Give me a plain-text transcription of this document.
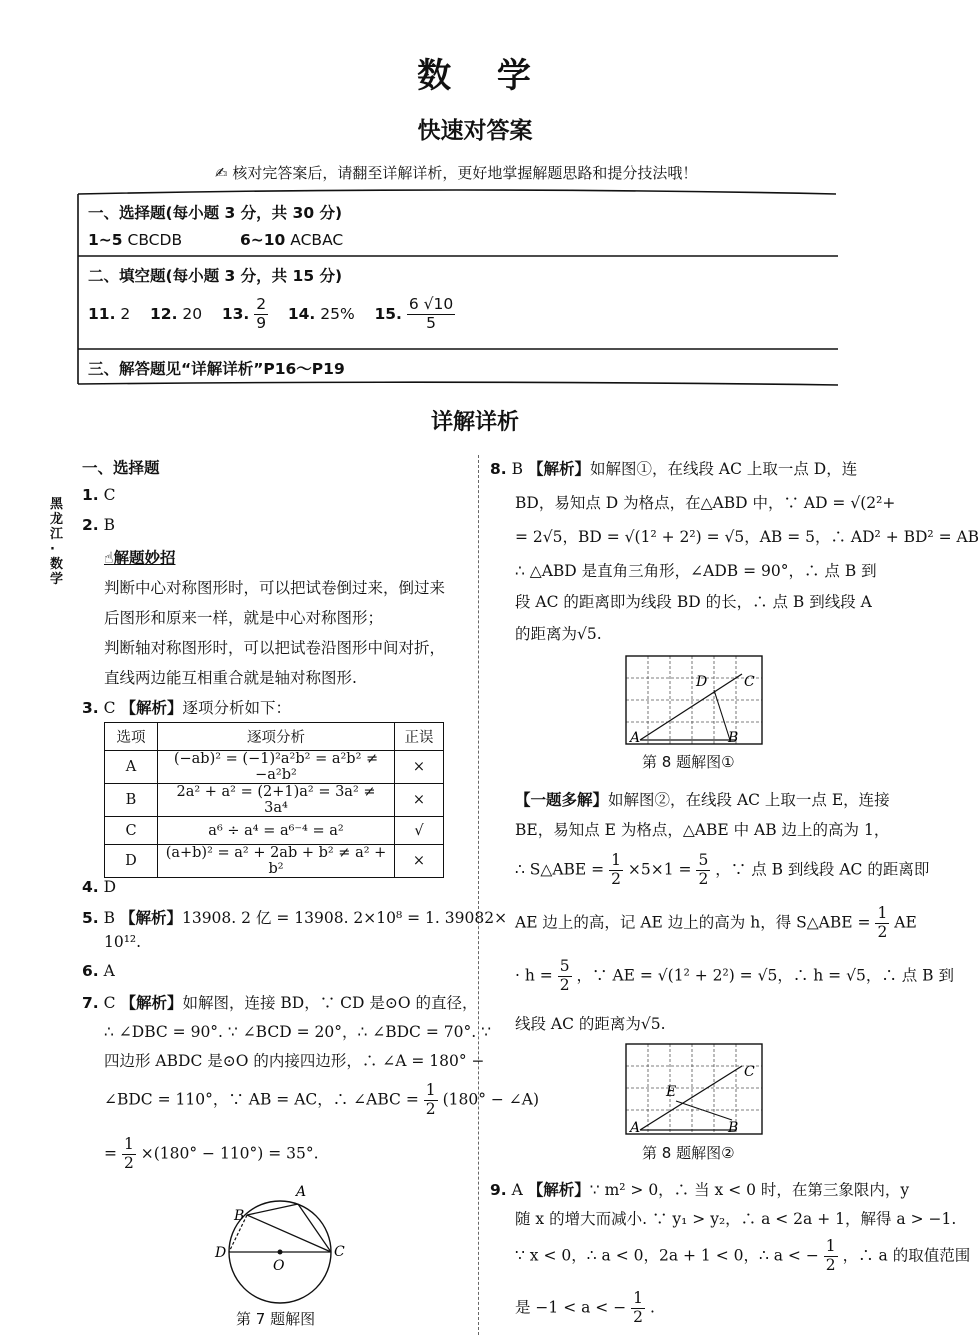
数 学
快速对答案
✍ 核对完答案后，请翻至详解详析，更好地掌握解题思路和提分技法哦！
一、选择题(每小题 3 分，共 30 分)
1~5 CBCDB	6~10 ACBAC
二、填空题(每小题 3 分，共 15 分)
11. 2 12. 20 13. $\frac{2}{9} 14$. 25% 15. $\frac{6 √10}{5}$
三、解答题见“详解详析”P16～P19
详解详析
黑龙江·数学
一、选择题
1. C
2. B
☝解题妙招
判断中心对称图形时，可以把试卷倒过来，倒过来
后图形和原来一样，就是中心对称图形；
判断轴对称图形时，可以把试卷沿图形中间对折，
直线两边能互相重合就是轴对称图形.
3. C 【解析】逐项分析如下：
选项	逐项分析	正误
A	(−ab)² = (−1)²a²b² = a²b² ≠ −a²b²	×
B	2a² + a² = (2+1)a² = 3a² ≠ 3a⁴	×
C	a⁶ ÷ a⁴ = a⁶⁻⁴ = a²	√
D	(a+b)² = a² + 2ab + b² ≠ a² + b²	×
4. D
5. B 【解析】13908. 2 亿 = 13908. 2×10⁸ = 1. 39082×
10¹².
6. A
7. C 【解析】如解图，连接 BD，∵ CD 是⊙O 的直径，
∴ ∠DBC = 90°. ∵ ∠BCD = 20°，∴ ∠BDC = 70°. ∵
四边形 ABDC 是⊙O 的内接四边形，∴ ∠A = 180° −
∠BDC = 110°，∵ AB = AC，∴ ∠ABC = $\frac{1}{2} (180^\circ$ − ∠A)
= $\frac{1}{2} \times(180^\circ - 110^\circ) = 35^\circ$.
A
B
C
D
O
第 7 题解图
8. B 【解析】如解图①，在线段 AC 上取一点 D，连
BD，易知点 D 为格点，在△ABD 中，∵ AD = √(2²+
= 2√5，BD = √(1² + 2²) = √5，AB = 5，∴ AD² + BD² = AB
∴ △ABD 是直角三角形，∠ADB = 90°，∴ 点 B 到
段 AC 的距离即为线段 BD 的长，∴ 点 B 到线段 A
的距离为√5.
A	B
C
D
第 8 题解图①
【一题多解】如解图②，在线段 AC 上取一点 E，连接
BE，易知点 E 为格点，△ABE 中 AB 边上的高为 1，
∴ S△ABE = $\frac{1}{2} \times 5\times 1 = \frac{5}{2}$ ，∵ 点 B 到线段 AC 的距离即
AE 边上的高，记 AE 边上的高为 h，得 S△ABE = $\frac{1}{2}$ AE
· $h = \frac{5}{2}$ ，∵ AE = √(1² + 2²) = √5，∴ h = √5，∴ 点 B 到
线段 AC 的距离为√5.
A	B
C
E
第 8 题解图②
9. A 【解析】∵ m² > 0，∴ 当 x < 0 时，在第三象限内，y
随 x 的增大而减小. ∵ y₁ > y₂，∴ a < 2a + 1，解得 a > −1.
∵ x < 0，∴ a < 0，2a + 1 < 0，∴ a < − $\frac{1}{2}$ ，∴ a 的取值范围
是 −1 < a < − $\frac{1}{2}$ .
